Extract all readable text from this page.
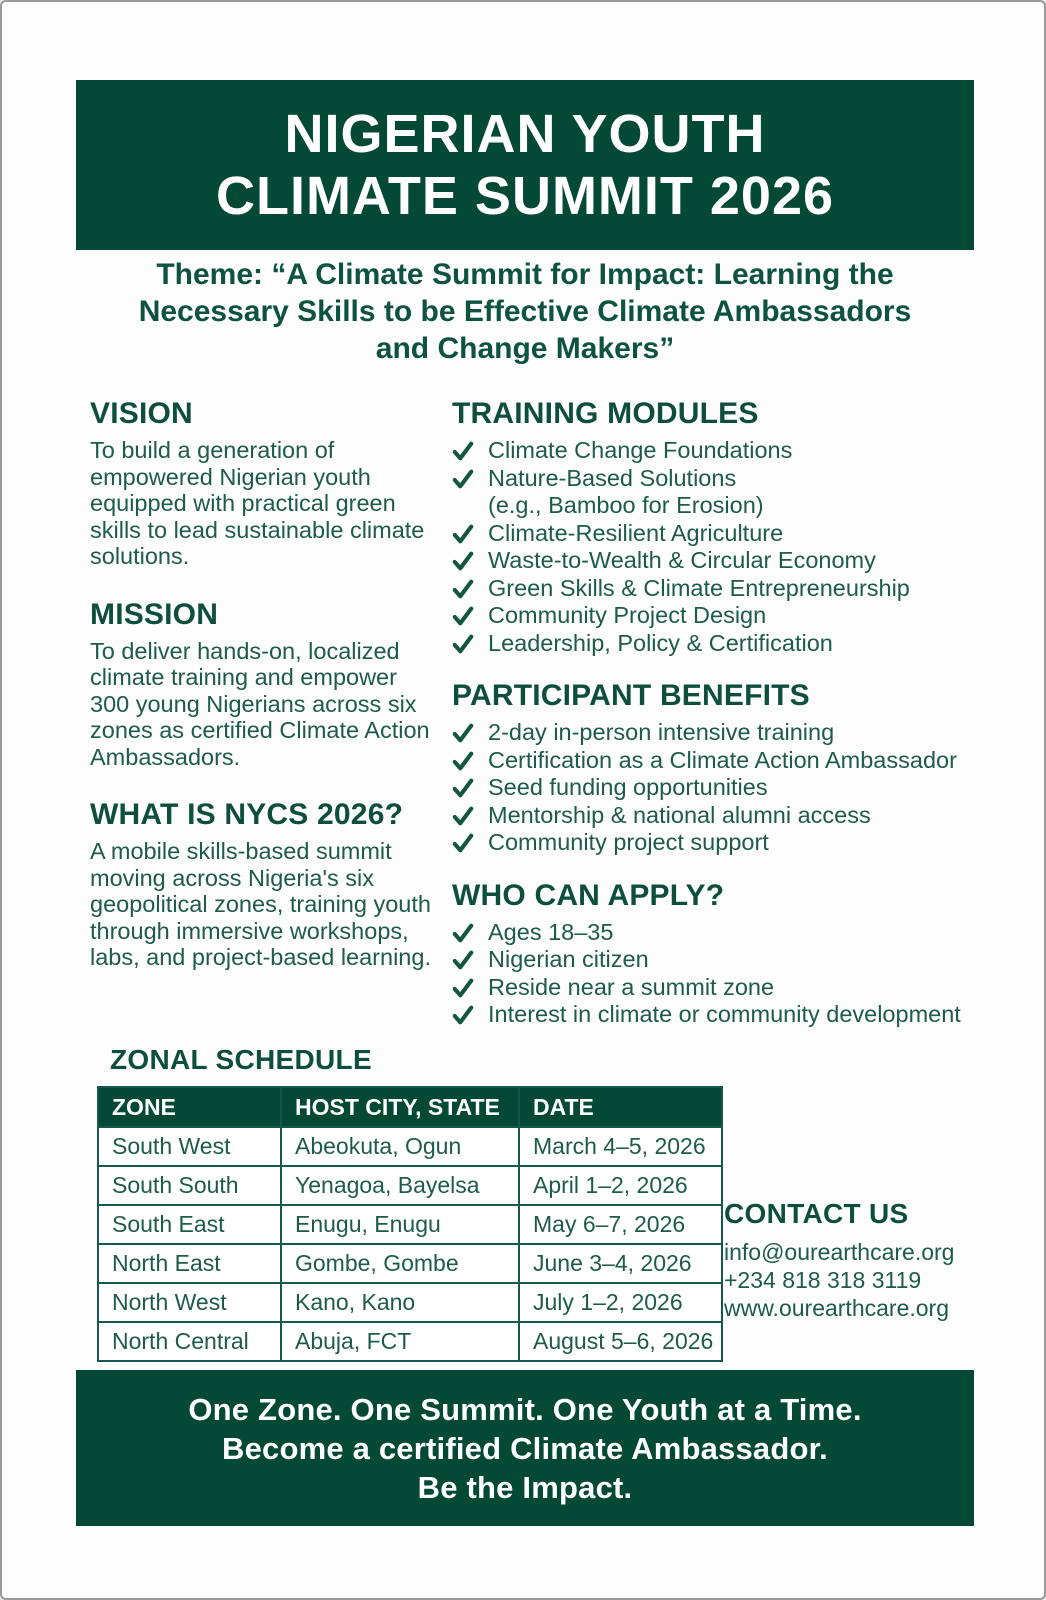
NIGERIAN YOUTH
CLIMATE SUMMIT 2026
Theme: “A Climate Summit for Impact: Learning the Necessary Skills to be Effective Climate Ambassadors and Change Makers”
VISION

To build a generation of empowered Nigerian youth equipped with practical green skills to lead sustainable climate solutions.

MISSION

To deliver hands-on, localized climate training and empower 300 young Nigerians across six zones as certified Climate Action Ambassadors.

WHAT IS NYCS 2026?

A mobile skills-based summit moving across Nigeria's six geopolitical zones, training youth through immersive workshops, labs, and project-based learning.

TRAINING MODULES
Climate Change Foundations
Nature-Based Solutions
(e.g., Bamboo for Erosion)
Climate-Resilient Agriculture
Waste-to-Wealth & Circular Economy
Green Skills & Climate Entrepreneurship
Community Project Design
Leadership, Policy & Certification
PARTICIPANT BENEFITS
2-day in-person intensive training
Certification as a Climate Action Ambassador
Seed funding opportunities
Mentorship & national alumni access
Community project support
WHO CAN APPLY?
Ages 18–35
Nigerian citizen
Reside near a summit zone
Interest in climate or community development
ZONAL SCHEDULE
ZONE	HOST CITY, STATE	DATE
South West	Abeokuta, Ogun	March 4–5, 2026
South South	Yenagoa, Bayelsa	April 1–2, 2026
South East	Enugu, Enugu	May 6–7, 2026
North East	Gombe, Gombe	June 3–4, 2026
North West	Kano, Kano	July 1–2, 2026
North Central	Abuja, FCT	August 5–6, 2026
CONTACT US
info@ourearthcare.org
+234 818 318 3119
www.ourearthcare.org
One Zone. One Summit. One Youth at a Time.
Become a certified Climate Ambassador.
Be the Impact.
